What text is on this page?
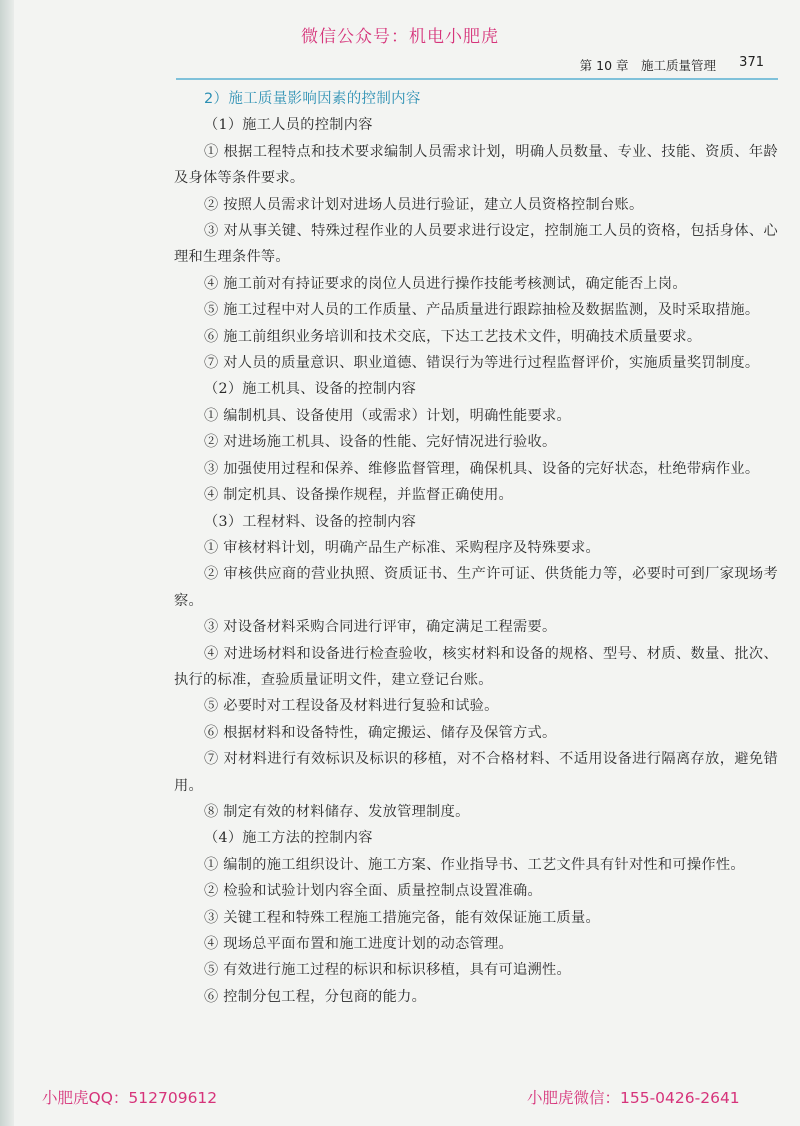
微信公众号：机电小肥虎
第 10 章　施工质量管理 371
2）施工质量影响因素的控制内容

（1）施工人员的控制内容

① 根据工程特点和技术要求编制人员需求计划，明确人员数量、专业、技能、资质、年龄及身体等条件要求。

② 按照人员需求计划对进场人员进行验证，建立人员资格控制台账。

③ 对从事关键、特殊过程作业的人员要求进行设定，控制施工人员的资格，包括身体、心理和生理条件等。

④ 施工前对有持证要求的岗位人员进行操作技能考核测试，确定能否上岗。

⑤ 施工过程中对人员的工作质量、产品质量进行跟踪抽检及数据监测，及时采取措施。

⑥ 施工前组织业务培训和技术交底，下达工艺技术文件，明确技术质量要求。

⑦ 对人员的质量意识、职业道德、错误行为等进行过程监督评价，实施质量奖罚制度。

（2）施工机具、设备的控制内容

① 编制机具、设备使用（或需求）计划，明确性能要求。

② 对进场施工机具、设备的性能、完好情况进行验收。

③ 加强使用过程和保养、维修监督管理，确保机具、设备的完好状态，杜绝带病作业。

④ 制定机具、设备操作规程，并监督正确使用。

（3）工程材料、设备的控制内容

① 审核材料计划，明确产品生产标准、采购程序及特殊要求。

② 审核供应商的营业执照、资质证书、生产许可证、供货能力等，必要时可到厂家现场考察。

③ 对设备材料采购合同进行评审，确定满足工程需要。

④ 对进场材料和设备进行检查验收，核实材料和设备的规格、型号、材质、数量、批次、执行的标准，查验质量证明文件，建立登记台账。

⑤ 必要时对工程设备及材料进行复验和试验。

⑥ 根据材料和设备特性，确定搬运、储存及保管方式。

⑦ 对材料进行有效标识及标识的移植，对不合格材料、不适用设备进行隔离存放，避免错用。

⑧ 制定有效的材料储存、发放管理制度。

（4）施工方法的控制内容

① 编制的施工组织设计、施工方案、作业指导书、工艺文件具有针对性和可操作性。

② 检验和试验计划内容全面、质量控制点设置准确。

③ 关键工程和特殊工程施工措施完备，能有效保证施工质量。

④ 现场总平面布置和施工进度计划的动态管理。

⑤ 有效进行施工过程的标识和标识移植，具有可追溯性。

⑥ 控制分包工程，分包商的能力。

小肥虎QQ：512709612	小肥虎微信：155-0426-2641
